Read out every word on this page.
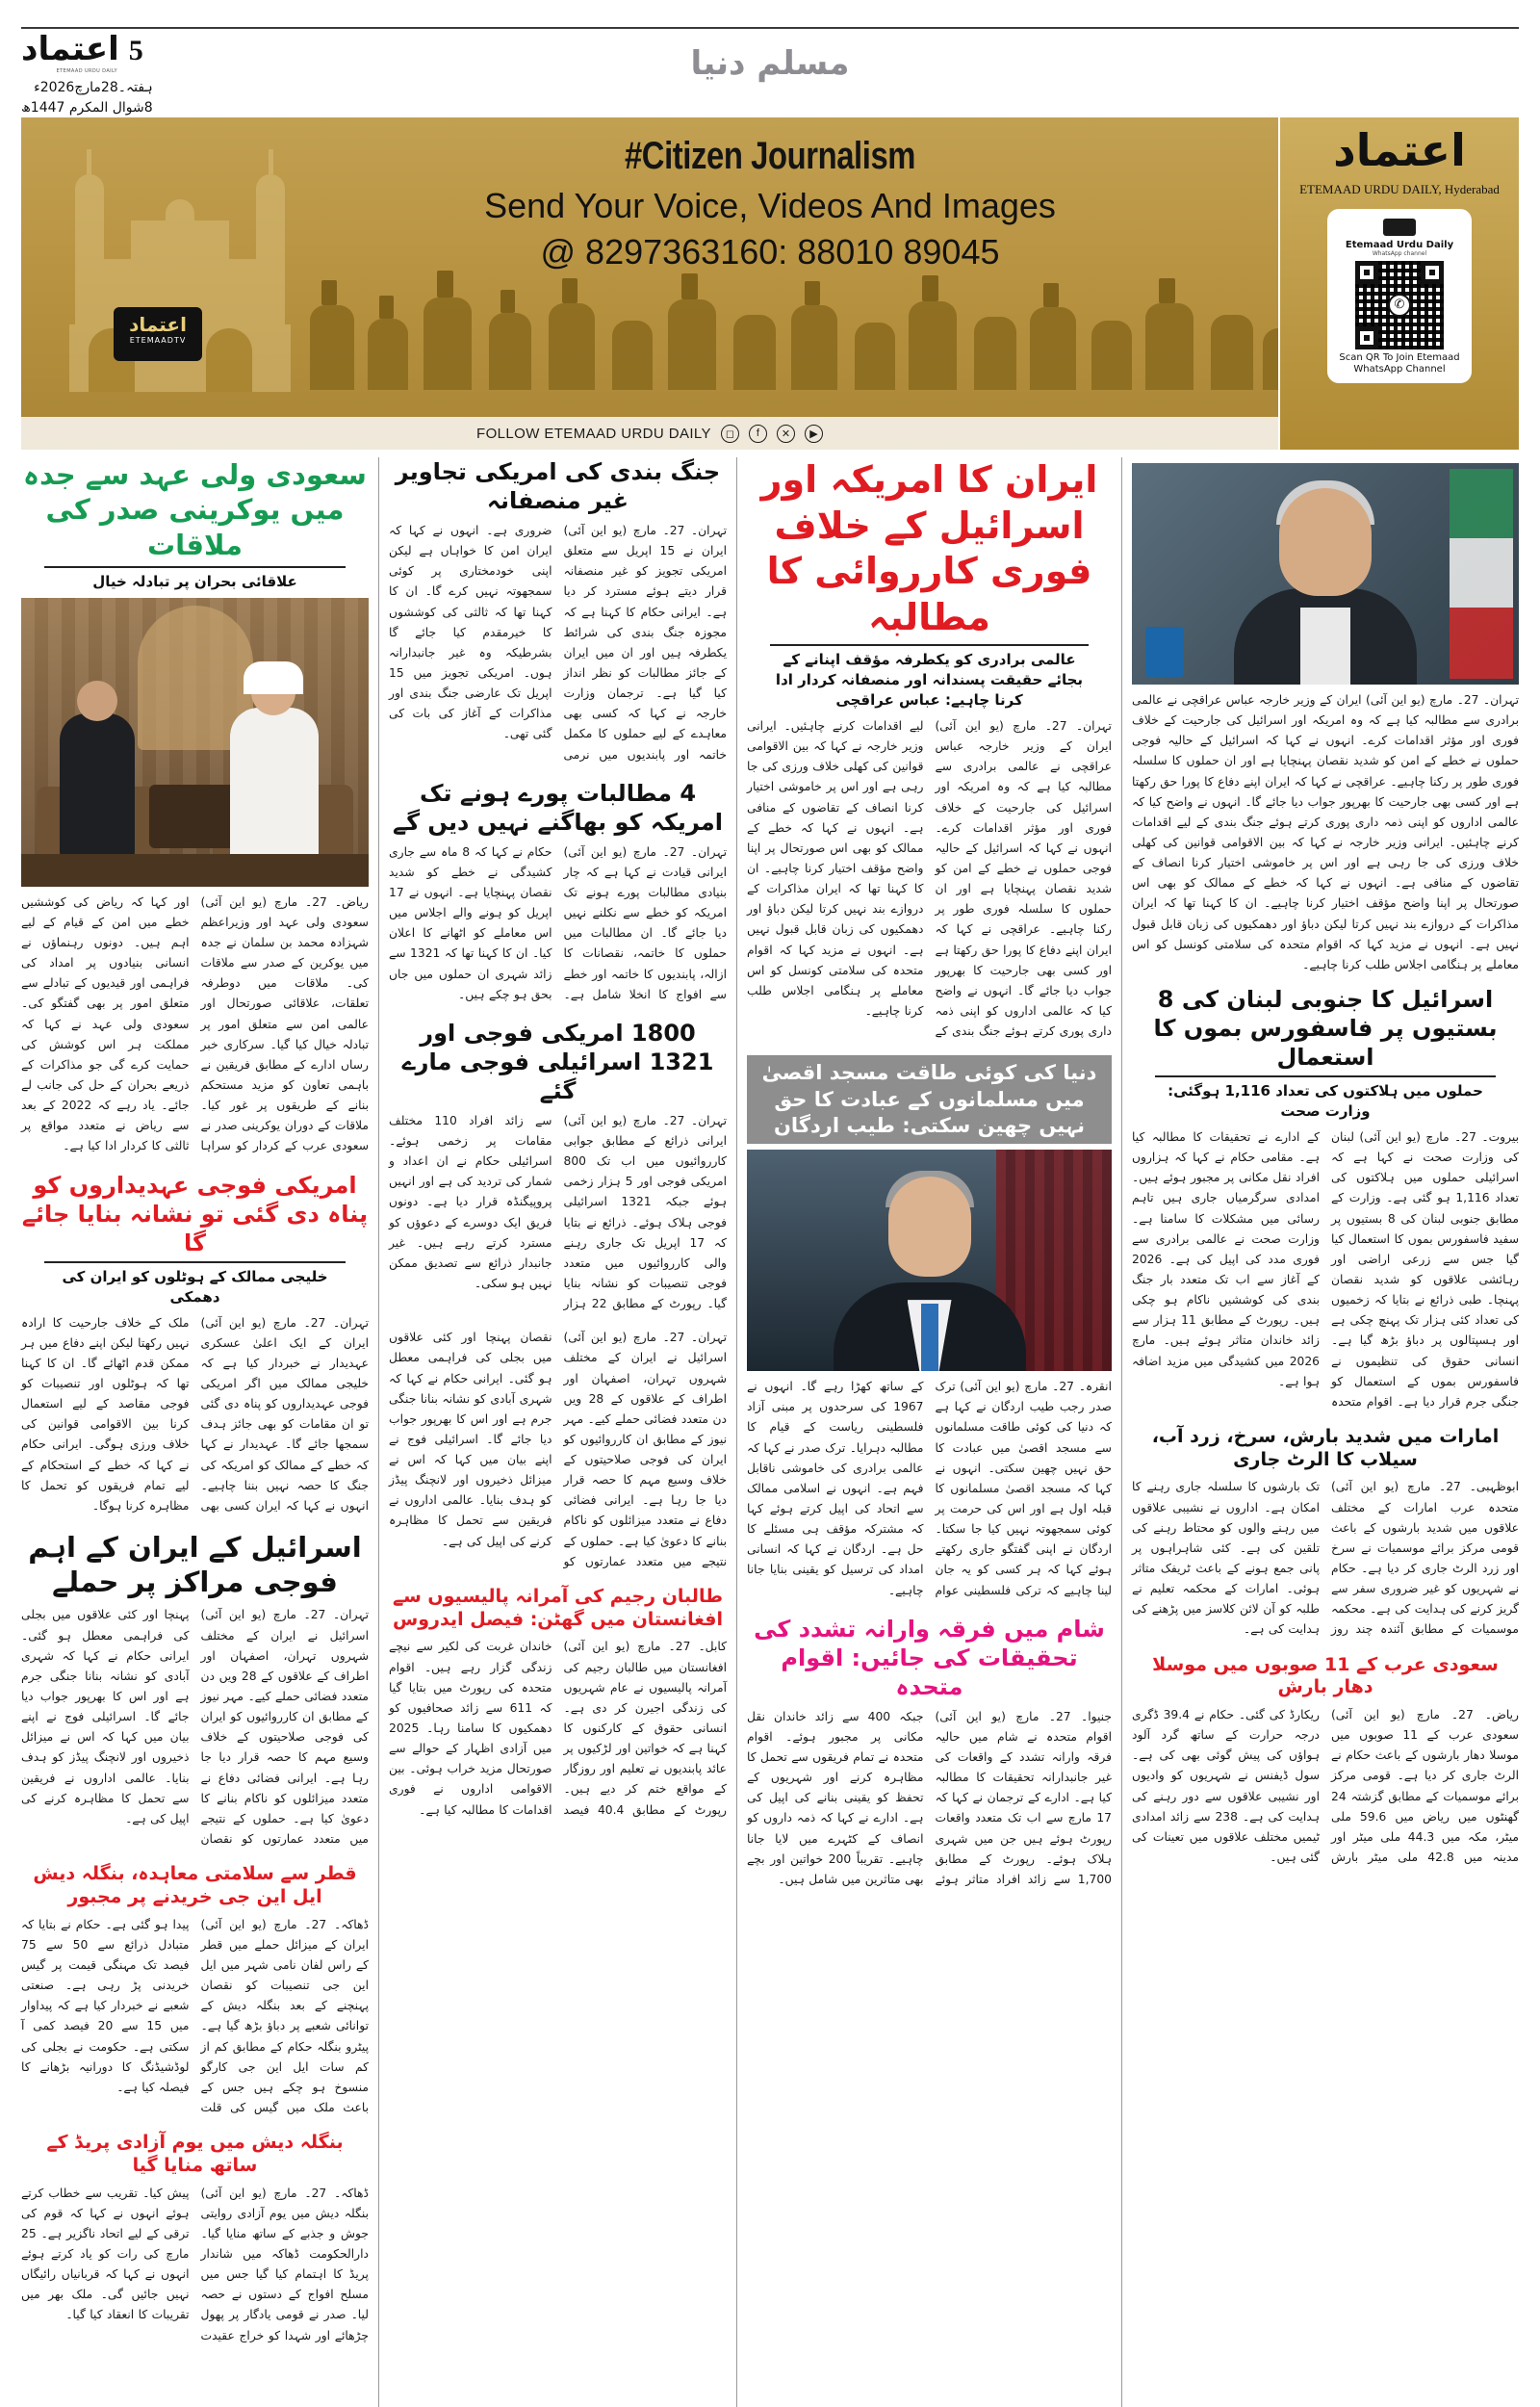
اعتماد 5
ETEMAAD URDU DAILY
ہفتہ۔28مارچ2026ء
8شوال المکرم 1447ھ
مسلم دنیا
اعتماد
ETEMAADTV
#Citizen Journalism
Send Your Voice, Videos And Images
@ 8297363160: 88010 89045
اعتماد

ETEMAAD URDU DAILY, Hyderabad
Etemaad Urdu Daily
WhatsApp channel
✆
Scan QR To Join Etemaad WhatsApp Channel
FOLLOW ETEMAAD URDU DAILY	◻	f	✕	▶
سعودی ولی عہد سے جدہ میں یوکرینی صدر کی ملاقات
علاقائی بحران پر تبادلہ خیال
ریاض۔ 27۔ مارچ (یو این آئی) سعودی ولی عہد اور وزیراعظم شہزادہ محمد بن سلمان نے جدہ میں یوکرین کے صدر سے ملاقات کی۔ ملاقات میں دوطرفہ تعلقات، علاقائی صورتحال اور عالمی امن سے متعلق امور پر تبادلہ خیال کیا گیا۔ سرکاری خبر رساں ادارے کے مطابق فریقین نے باہمی تعاون کو مزید مستحکم بنانے کے طریقوں پر غور کیا۔ ملاقات کے دوران یوکرینی صدر نے سعودی عرب کے کردار کو سراہا اور کہا کہ ریاض کی کوششیں خطے میں امن کے قیام کے لیے اہم ہیں۔ دونوں رہنماؤں نے انسانی بنیادوں پر امداد کی فراہمی اور قیدیوں کے تبادلے سے متعلق امور پر بھی گفتگو کی۔ سعودی ولی عہد نے کہا کہ مملکت ہر اس کوشش کی حمایت کرے گی جو مذاکرات کے ذریعے بحران کے حل کی جانب لے جائے۔ یاد رہے کہ 2022 کے بعد سے ریاض نے متعدد مواقع پر ثالثی کا کردار ادا کیا ہے۔
امریکی فوجی عہدیداروں کو پناہ دی گئی تو نشانہ بنایا جائے گا
خلیجی ممالک کے ہوٹلوں کو ایران کی دھمکی
تہران۔ 27۔ مارچ (یو این آئی) ایران کے ایک اعلیٰ عسکری عہدیدار نے خبردار کیا ہے کہ خلیجی ممالک میں اگر امریکی فوجی عہدیداروں کو پناہ دی گئی تو ان مقامات کو بھی جائز ہدف سمجھا جائے گا۔ عہدیدار نے کہا کہ خطے کے ممالک کو امریکہ کی جنگ کا حصہ نہیں بننا چاہیے۔ انہوں نے کہا کہ ایران کسی بھی ملک کے خلاف جارحیت کا ارادہ نہیں رکھتا لیکن اپنے دفاع میں ہر ممکن قدم اٹھائے گا۔ ان کا کہنا تھا کہ ہوٹلوں اور تنصیبات کو فوجی مقاصد کے لیے استعمال کرنا بین الاقوامی قوانین کی خلاف ورزی ہوگی۔ ایرانی حکام نے کہا کہ خطے کے استحکام کے لیے تمام فریقوں کو تحمل کا مظاہرہ کرنا ہوگا۔
اسرائیل کے ایران کے اہم فوجی مراکز پر حملے
تہران۔ 27۔ مارچ (یو این آئی) اسرائیل نے ایران کے مختلف شہروں تہران، اصفہان اور اطراف کے علاقوں کے 28 ویں دن متعدد فضائی حملے کیے۔ مہر نیوز کے مطابق ان کارروائیوں کو ایران کی فوجی صلاحیتوں کے خلاف وسیع مہم کا حصہ قرار دیا جا رہا ہے۔ ایرانی فضائی دفاع نے متعدد میزائلوں کو ناکام بنانے کا دعویٰ کیا ہے۔ حملوں کے نتیجے میں متعدد عمارتوں کو نقصان پہنچا اور کئی علاقوں میں بجلی کی فراہمی معطل ہو گئی۔ ایرانی حکام نے کہا کہ شہری آبادی کو نشانہ بنانا جنگی جرم ہے اور اس کا بھرپور جواب دیا جائے گا۔ اسرائیلی فوج نے اپنے بیان میں کہا کہ اس نے میزائل ذخیروں اور لانچنگ پیڈز کو ہدف بنایا۔ عالمی اداروں نے فریقین سے تحمل کا مظاہرہ کرنے کی اپیل کی ہے۔
قطر سے سلامتی معاہدہ، بنگلہ دیش ایل این جی خریدنے پر مجبور
ڈھاکہ۔ 27۔ مارچ (یو این آئی) ایران کے میزائل حملے میں قطر کے راس لفان نامی شہر میں ایل این جی تنصیبات کو نقصان پہنچنے کے بعد بنگلہ دیش کے توانائی شعبے پر دباؤ بڑھ گیا ہے۔ پیٹرو بنگلہ حکام کے مطابق کم از کم سات ایل این جی کارگو منسوخ ہو چکے ہیں جس کے باعث ملک میں گیس کی قلت پیدا ہو گئی ہے۔ حکام نے بتایا کہ متبادل ذرائع سے 50 سے 75 فیصد تک مہنگی قیمت پر گیس خریدنی پڑ رہی ہے۔ صنعتی شعبے نے خبردار کیا ہے کہ پیداوار میں 15 سے 20 فیصد کمی آ سکتی ہے۔ حکومت نے بجلی کی لوڈشیڈنگ کا دورانیہ بڑھانے کا فیصلہ کیا ہے۔
بنگلہ دیش میں یوم آزادی پریڈ کے ساتھ منایا گیا
ڈھاکہ۔ 27۔ مارچ (یو این آئی) بنگلہ دیش میں یوم آزادی روایتی جوش و جذبے کے ساتھ منایا گیا۔ دارالحکومت ڈھاکہ میں شاندار پریڈ کا اہتمام کیا گیا جس میں مسلح افواج کے دستوں نے حصہ لیا۔ صدر نے قومی یادگار پر پھول چڑھائے اور شہدا کو خراج عقیدت پیش کیا۔ تقریب سے خطاب کرتے ہوئے انہوں نے کہا کہ قوم کی ترقی کے لیے اتحاد ناگزیر ہے۔ 25 مارچ کی رات کو یاد کرتے ہوئے انہوں نے کہا کہ قربانیاں رائیگاں نہیں جائیں گی۔ ملک بھر میں تقریبات کا انعقاد کیا گیا۔
جنگ بندی کی امریکی تجاویر غیر منصفانہ
تہران۔ 27۔ مارچ (یو این آئی) ایران نے 15 اپریل سے متعلق امریکی تجویز کو غیر منصفانہ قرار دیتے ہوئے مسترد کر دیا ہے۔ ایرانی حکام کا کہنا ہے کہ مجوزہ جنگ بندی کی شرائط یکطرفہ ہیں اور ان میں ایران کے جائز مطالبات کو نظر انداز کیا گیا ہے۔ ترجمان وزارت خارجہ نے کہا کہ کسی بھی معاہدے کے لیے حملوں کا مکمل خاتمہ اور پابندیوں میں نرمی ضروری ہے۔ انہوں نے کہا کہ ایران امن کا خواہاں ہے لیکن اپنی خودمختاری پر کوئی سمجھوتہ نہیں کرے گا۔ ان کا کہنا تھا کہ ثالثی کی کوششوں کا خیرمقدم کیا جائے گا بشرطیکہ وہ غیر جانبدارانہ ہوں۔ امریکی تجویز میں 15 اپریل تک عارضی جنگ بندی اور مذاکرات کے آغاز کی بات کی گئی تھی۔
4 مطالبات پورے ہونے تک امریکہ کو بھاگنے نہیں دیں گے
تہران۔ 27۔ مارچ (یو این آئی) ایرانی قیادت نے کہا ہے کہ چار بنیادی مطالبات پورے ہونے تک امریکہ کو خطے سے نکلنے نہیں دیا جائے گا۔ ان مطالبات میں حملوں کا خاتمہ، نقصانات کا ازالہ، پابندیوں کا خاتمہ اور خطے سے افواج کا انخلا شامل ہے۔ حکام نے کہا کہ 8 ماہ سے جاری کشیدگی نے خطے کو شدید نقصان پہنچایا ہے۔ انہوں نے 17 اپریل کو ہونے والے اجلاس میں اس معاملے کو اٹھانے کا اعلان کیا۔ ان کا کہنا تھا کہ 1321 سے زائد شہری ان حملوں میں جاں بحق ہو چکے ہیں۔
1800 امریکی فوجی اور 1321 اسرائیلی فوجی مارے گئے
تہران۔ 27۔ مارچ (یو این آئی) ایرانی ذرائع کے مطابق جوابی کارروائیوں میں اب تک 800 امریکی فوجی اور 5 ہزار زخمی ہوئے جبکہ 1321 اسرائیلی فوجی ہلاک ہوئے۔ ذرائع نے بتایا کہ 17 اپریل تک جاری رہنے والی کارروائیوں میں متعدد فوجی تنصیبات کو نشانہ بنایا گیا۔ رپورٹ کے مطابق 22 ہزار سے زائد افراد 110 مختلف مقامات پر زخمی ہوئے۔ اسرائیلی حکام نے ان اعداد و شمار کی تردید کی ہے اور انہیں پروپیگنڈہ قرار دیا ہے۔ دونوں فریق ایک دوسرے کے دعوؤں کو مسترد کرتے رہے ہیں۔ غیر جانبدار ذرائع سے تصدیق ممکن نہیں ہو سکی۔
تہران۔ 27۔ مارچ (یو این آئی) اسرائیل نے ایران کے مختلف شہروں تہران، اصفہان اور اطراف کے علاقوں کے 28 ویں دن متعدد فضائی حملے کیے۔ مہر نیوز کے مطابق ان کارروائیوں کو ایران کی فوجی صلاحیتوں کے خلاف وسیع مہم کا حصہ قرار دیا جا رہا ہے۔ ایرانی فضائی دفاع نے متعدد میزائلوں کو ناکام بنانے کا دعویٰ کیا ہے۔ حملوں کے نتیجے میں متعدد عمارتوں کو نقصان پہنچا اور کئی علاقوں میں بجلی کی فراہمی معطل ہو گئی۔ ایرانی حکام نے کہا کہ شہری آبادی کو نشانہ بنانا جنگی جرم ہے اور اس کا بھرپور جواب دیا جائے گا۔ اسرائیلی فوج نے اپنے بیان میں کہا کہ اس نے میزائل ذخیروں اور لانچنگ پیڈز کو ہدف بنایا۔ عالمی اداروں نے فریقین سے تحمل کا مظاہرہ کرنے کی اپیل کی ہے۔
طالبان رجیم کی آمرانہ پالیسیوں سے افغانستان میں گھٹن: فیصل ایدروس
کابل۔ 27۔ مارچ (یو این آئی) افغانستان میں طالبان رجیم کی آمرانہ پالیسیوں نے عام شہریوں کی زندگی اجیرن کر دی ہے۔ انسانی حقوق کے کارکنوں کا کہنا ہے کہ خواتین اور لڑکیوں پر عائد پابندیوں نے تعلیم اور روزگار کے مواقع ختم کر دیے ہیں۔ رپورٹ کے مطابق 40.4 فیصد خاندان غربت کی لکیر سے نیچے زندگی گزار رہے ہیں۔ اقوام متحدہ کی رپورٹ میں بتایا گیا کہ 611 سے زائد صحافیوں کو دھمکیوں کا سامنا رہا۔ 2025 میں آزادی اظہار کے حوالے سے صورتحال مزید خراب ہوئی۔ بین الاقوامی اداروں نے فوری اقدامات کا مطالبہ کیا ہے۔
ایران کا امریکہ اور اسرائیل کے خلاف فوری کارروائی کا مطالبہ
عالمی برادری کو یکطرفہ مؤقف اپنانے کے بجائے حقیقت پسندانہ اور منصفانہ کردار ادا کرنا چاہیے: عباس عراقچی
تہران۔ 27۔ مارچ (یو این آئی) ایران کے وزیر خارجہ عباس عراقچی نے عالمی برادری سے مطالبہ کیا ہے کہ وہ امریکہ اور اسرائیل کی جارحیت کے خلاف فوری اور مؤثر اقدامات کرے۔ انہوں نے کہا کہ اسرائیل کے حالیہ فوجی حملوں نے خطے کے امن کو شدید نقصان پہنچایا ہے اور ان حملوں کا سلسلہ فوری طور پر رکنا چاہیے۔ عراقچی نے کہا کہ ایران اپنے دفاع کا پورا حق رکھتا ہے اور کسی بھی جارحیت کا بھرپور جواب دیا جائے گا۔ انہوں نے واضح کیا کہ عالمی اداروں کو اپنی ذمہ داری پوری کرتے ہوئے جنگ بندی کے لیے اقدامات کرنے چاہئیں۔ ایرانی وزیر خارجہ نے کہا کہ بین الاقوامی قوانین کی کھلی خلاف ورزی کی جا رہی ہے اور اس پر خاموشی اختیار کرنا انصاف کے تقاضوں کے منافی ہے۔ انہوں نے کہا کہ خطے کے ممالک کو بھی اس صورتحال پر اپنا واضح مؤقف اختیار کرنا چاہیے۔ ان کا کہنا تھا کہ ایران مذاکرات کے دروازے بند نہیں کرتا لیکن دباؤ اور دھمکیوں کی زبان قابل قبول نہیں ہے۔ انہوں نے مزید کہا کہ اقوام متحدہ کی سلامتی کونسل کو اس معاملے پر ہنگامی اجلاس طلب کرنا چاہیے۔
دنیا کی کوئی طاقت مسجد اقصیٰ میں مسلمانوں کے عبادت کا حق نہیں چھین سکتی: طیب اردگان
انقرہ۔ 27۔ مارچ (یو این آئی) ترک صدر رجب طیب اردگان نے کہا ہے کہ دنیا کی کوئی طاقت مسلمانوں سے مسجد اقصیٰ میں عبادت کا حق نہیں چھین سکتی۔ انہوں نے کہا کہ مسجد اقصیٰ مسلمانوں کا قبلہ اول ہے اور اس کی حرمت پر کوئی سمجھوتہ نہیں کیا جا سکتا۔ اردگان نے اپنی گفتگو جاری رکھتے ہوئے کہا کہ ہر کسی کو یہ جان لینا چاہیے کہ ترکی فلسطینی عوام کے ساتھ کھڑا رہے گا۔ انہوں نے 1967 کی سرحدوں پر مبنی آزاد فلسطینی ریاست کے قیام کا مطالبہ دہرایا۔ ترک صدر نے کہا کہ عالمی برادری کی خاموشی ناقابل فہم ہے۔ انہوں نے اسلامی ممالک سے اتحاد کی اپیل کرتے ہوئے کہا کہ مشترکہ مؤقف ہی مسئلے کا حل ہے۔ اردگان نے کہا کہ انسانی امداد کی ترسیل کو یقینی بنایا جانا چاہیے۔
شام میں فرقہ وارانہ تشدد کی تحقیقات کی جائیں: اقوام متحدہ
جنیوا۔ 27۔ مارچ (یو این آئی) اقوام متحدہ نے شام میں حالیہ فرقہ وارانہ تشدد کے واقعات کی غیر جانبدارانہ تحقیقات کا مطالبہ کیا ہے۔ ادارے کے ترجمان نے کہا کہ 17 مارچ سے اب تک متعدد واقعات رپورٹ ہوئے ہیں جن میں شہری ہلاک ہوئے۔ رپورٹ کے مطابق 1,700 سے زائد افراد متاثر ہوئے جبکہ 400 سے زائد خاندان نقل مکانی پر مجبور ہوئے۔ اقوام متحدہ نے تمام فریقوں سے تحمل کا مظاہرہ کرنے اور شہریوں کے تحفظ کو یقینی بنانے کی اپیل کی ہے۔ ادارے نے کہا کہ ذمہ داروں کو انصاف کے کٹہرے میں لایا جانا چاہیے۔ تقریباً 200 خواتین اور بچے بھی متاثرین میں شامل ہیں۔
تہران۔ 27۔ مارچ (یو این آئی) ایران کے وزیر خارجہ عباس عراقچی نے عالمی برادری سے مطالبہ کیا ہے کہ وہ امریکہ اور اسرائیل کی جارحیت کے خلاف فوری اور مؤثر اقدامات کرے۔ انہوں نے کہا کہ اسرائیل کے حالیہ فوجی حملوں نے خطے کے امن کو شدید نقصان پہنچایا ہے اور ان حملوں کا سلسلہ فوری طور پر رکنا چاہیے۔ عراقچی نے کہا کہ ایران اپنے دفاع کا پورا حق رکھتا ہے اور کسی بھی جارحیت کا بھرپور جواب دیا جائے گا۔ انہوں نے واضح کیا کہ عالمی اداروں کو اپنی ذمہ داری پوری کرتے ہوئے جنگ بندی کے لیے اقدامات کرنے چاہئیں۔ ایرانی وزیر خارجہ نے کہا کہ بین الاقوامی قوانین کی کھلی خلاف ورزی کی جا رہی ہے اور اس پر خاموشی اختیار کرنا انصاف کے تقاضوں کے منافی ہے۔ انہوں نے کہا کہ خطے کے ممالک کو بھی اس صورتحال پر اپنا واضح مؤقف اختیار کرنا چاہیے۔ ان کا کہنا تھا کہ ایران مذاکرات کے دروازے بند نہیں کرتا لیکن دباؤ اور دھمکیوں کی زبان قابل قبول نہیں ہے۔ انہوں نے مزید کہا کہ اقوام متحدہ کی سلامتی کونسل کو اس معاملے پر ہنگامی اجلاس طلب کرنا چاہیے۔
اسرائیل کا جنوبی لبنان کی 8 بستیوں پر فاسفورس بموں کا استعمال
حملوں میں ہلاکتوں کی تعداد 1,116 ہوگئی: وزارت صحت
بیروت۔ 27۔ مارچ (یو این آئی) لبنان کی وزارت صحت نے کہا ہے کہ اسرائیلی حملوں میں ہلاکتوں کی تعداد 1,116 ہو گئی ہے۔ وزارت کے مطابق جنوبی لبنان کی 8 بستیوں پر سفید فاسفورس بموں کا استعمال کیا گیا جس سے زرعی اراضی اور رہائشی علاقوں کو شدید نقصان پہنچا۔ طبی ذرائع نے بتایا کہ زخمیوں کی تعداد کئی ہزار تک پہنچ چکی ہے اور ہسپتالوں پر دباؤ بڑھ گیا ہے۔ انسانی حقوق کی تنظیموں نے فاسفورس بموں کے استعمال کو جنگی جرم قرار دیا ہے۔ اقوام متحدہ کے ادارے نے تحقیقات کا مطالبہ کیا ہے۔ مقامی حکام نے کہا کہ ہزاروں افراد نقل مکانی پر مجبور ہوئے ہیں۔ امدادی سرگرمیاں جاری ہیں تاہم رسائی میں مشکلات کا سامنا ہے۔ وزارت صحت نے عالمی برادری سے فوری مدد کی اپیل کی ہے۔ 2026 کے آغاز سے اب تک متعدد بار جنگ بندی کی کوششیں ناکام ہو چکی ہیں۔ رپورٹ کے مطابق 11 ہزار سے زائد خاندان متاثر ہوئے ہیں۔ مارچ 2026 میں کشیدگی میں مزید اضافہ ہوا ہے۔
امارات میں شدید بارش، سرخ، زرد آب، سیلاب کا الرٹ جاری
ابوظہبی۔ 27۔ مارچ (یو این آئی) متحدہ عرب امارات کے مختلف علاقوں میں شدید بارشوں کے باعث قومی مرکز برائے موسمیات نے سرخ اور زرد الرٹ جاری کر دیا ہے۔ حکام نے شہریوں کو غیر ضروری سفر سے گریز کرنے کی ہدایت کی ہے۔ محکمہ موسمیات کے مطابق آئندہ چند روز تک بارشوں کا سلسلہ جاری رہنے کا امکان ہے۔ اداروں نے نشیبی علاقوں میں رہنے والوں کو محتاط رہنے کی تلقین کی ہے۔ کئی شاہراہوں پر پانی جمع ہونے کے باعث ٹریفک متاثر ہوئی۔ امارات کے محکمہ تعلیم نے طلبہ کو آن لائن کلاسز میں پڑھنے کی ہدایت کی ہے۔
سعودی عرب کے 11 صوبوں میں موسلا دھار بارش
ریاض۔ 27۔ مارچ (یو این آئی) سعودی عرب کے 11 صوبوں میں موسلا دھار بارشوں کے باعث حکام نے الرٹ جاری کر دیا ہے۔ قومی مرکز برائے موسمیات کے مطابق گزشتہ 24 گھنٹوں میں ریاض میں 59.6 ملی میٹر، مکہ میں 44.3 ملی میٹر اور مدینہ میں 42.8 ملی میٹر بارش ریکارڈ کی گئی۔ حکام نے 39.4 ڈگری درجہ حرارت کے ساتھ گرد آلود ہواؤں کی پیش گوئی بھی کی ہے۔ سول ڈیفنس نے شہریوں کو وادیوں اور نشیبی علاقوں سے دور رہنے کی ہدایت کی ہے۔ 238 سے زائد امدادی ٹیمیں مختلف علاقوں میں تعینات کی گئی ہیں۔
